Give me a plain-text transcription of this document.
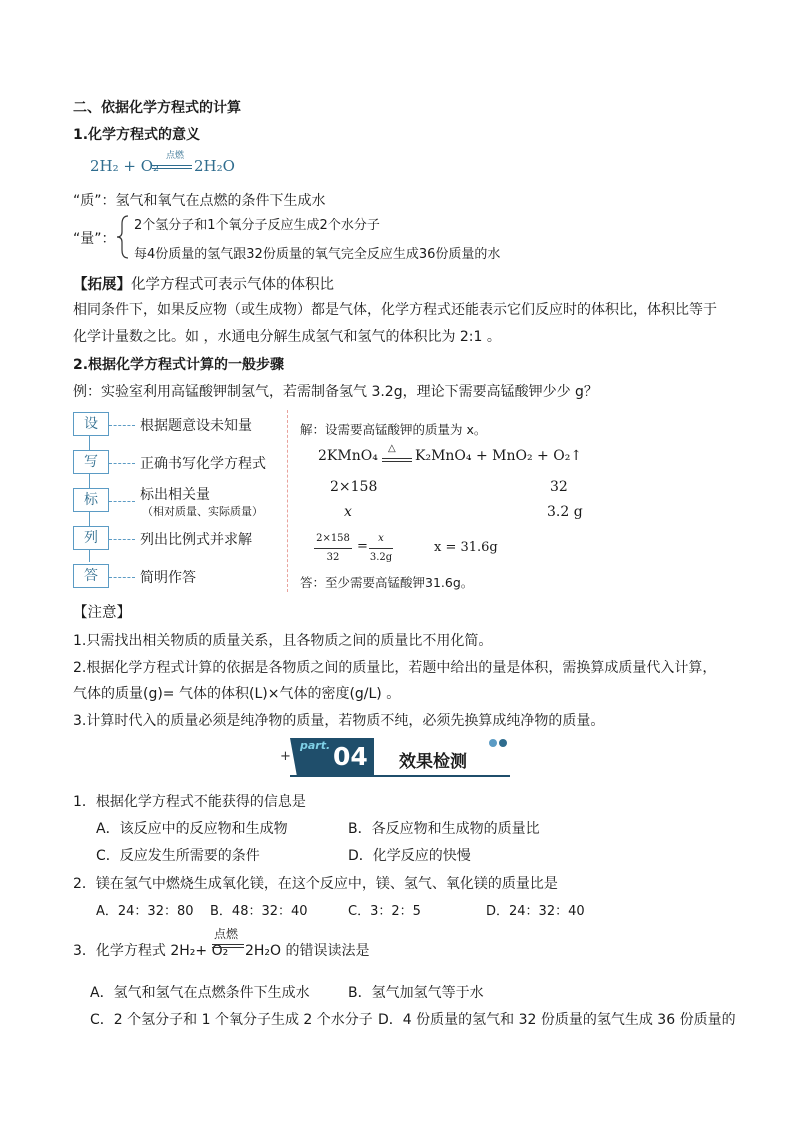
二、依据化学方程式的计算
1.化学方程式的意义
2H₂ + O₂
点燃
2H₂O
“质”：氢气和氧气在点燃的条件下生成水
“量”：
2个氢分子和1个氧分子反应生成2个水分子
每4份质量的氢气跟32份质量的氧气完全反应生成36份质量的水
【拓展】化学方程式可表示气体的体积比
相同条件下，如果反应物（或生成物）都是气体，化学方程式还能表示它们反应时的体积比，体积比等于
化学计量数之比。如 ，水通电分解生成氢气和氢气的体积比为 2:1 。
2.根据化学方程式计算的一般步骤
例：实验室利用高锰酸钾制氢气，若需制备氢气 3.2g，理论下需要高锰酸钾少少 g？
设	根据题意设未知量
写	正确书写化学方程式
标	标出相关量
（相对质量、实际质量）
列	列出比例式并求解
答	简明作答
解：设需要高锰酸钾的质量为 x。
2KMnO₄ △ K₂MnO₄ + MnO₂ + O₂↑
2×158	32
x	3.2 g
2×158
32
=
x
3.2g
x = 31.6g
答：至少需要高锰酸钾31.6g。
【注意】
1.只需找出相关物质的质量关系，且各物质之间的质量比不用化简。
2.根据化学方程式计算的依据是各物质之间的质量比，若题中给出的量是体积，需换算成质量代入计算，
气体的质量(g)= 气体的体积(L)×气体的密度(g/L) 。
3.计算时代入的质量必须是纯净物的质量，若物质不纯，必须先换算成纯净物的质量。
+
part. 04 效果检测
1．根据化学方程式不能获得的信息是
A．该反应中的反应物和生成物	B．各反应物和生成物的质量比
C．反应发生所需要的条件	D．化学反应的快慢
2．镁在氢气中燃烧生成氧化镁，在这个反应中，镁、氢气、氧化镁的质量比是
A．24：32：80 B．48：32：40	C．3：2：5	D．24：32：40
3．化学方程式 2H₂+ O₂
点燃
2H₂O 的错误读法是
A．氢气和氢气在点燃条件下生成水	B．氢气加氢气等于水
C．2 个氢分子和 1 个氧分子生成 2 个水分子 D．4 份质量的氢气和 32 份质量的氢气生成 36 份质量的
